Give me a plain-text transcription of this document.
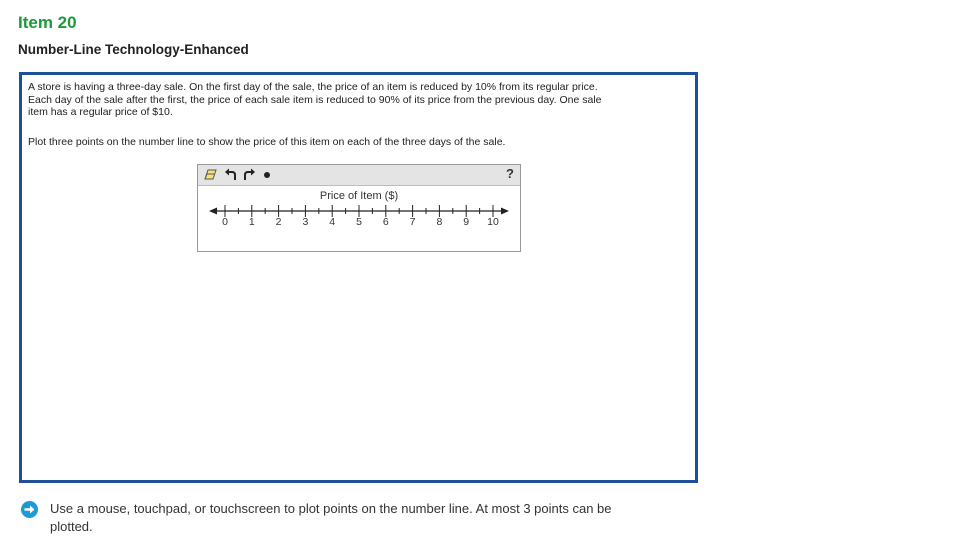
Item 20
Number-Line Technology-Enhanced
A store is having a three-day sale. On the first day of the sale, the price of an item is reduced by 10% from its regular price.
Each day of the sale after the first, the price of each sale item is reduced to 90% of its price from the previous day. One sale
item has a regular price of $10.
Plot three points on the number line to show the price of this item on each of the three days of the sale.
?
Price of Item ($)
0 1 2 3 4 5 6 7 8 9 10
Use a mouse, touchpad, or touchscreen to plot points on the number line. At most 3 points can be
plotted.
